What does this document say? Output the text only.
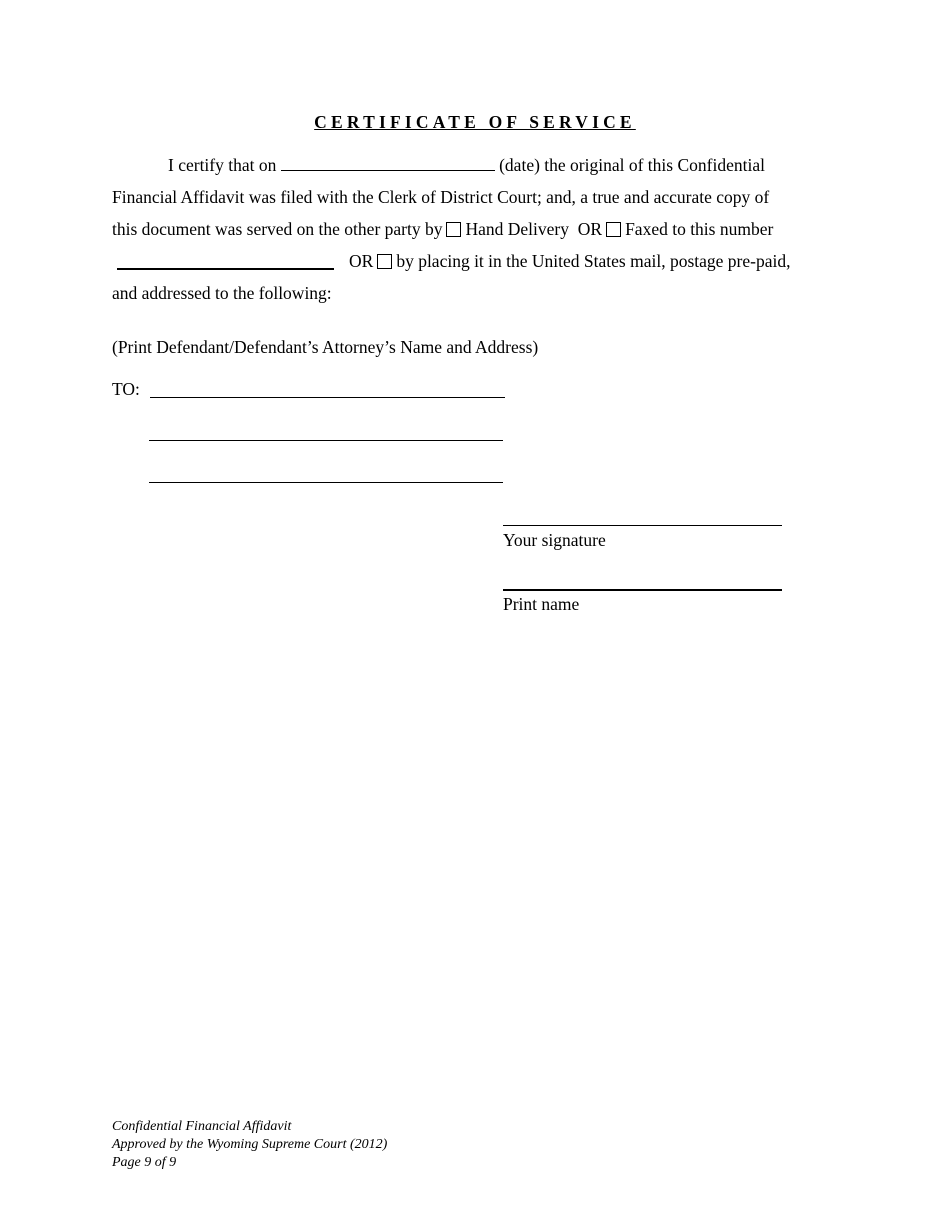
CERTIFICATE OF SERVICE
I certify that on	(date) the original of this Confidential
Financial Affidavit was filed with the Clerk of District Court; and, a true and accurate copy of
this document was served on the other party by Hand Delivery OR Faxed to this number
OR by placing it in the United States mail, postage pre-paid,
and addressed to the following:
(Print Defendant/Defendant’s Attorney’s Name and Address)
TO:
Your signature
Print name
Confidential Financial Affidavit
Approved by the Wyoming Supreme Court (2012)
Page 9 of 9
